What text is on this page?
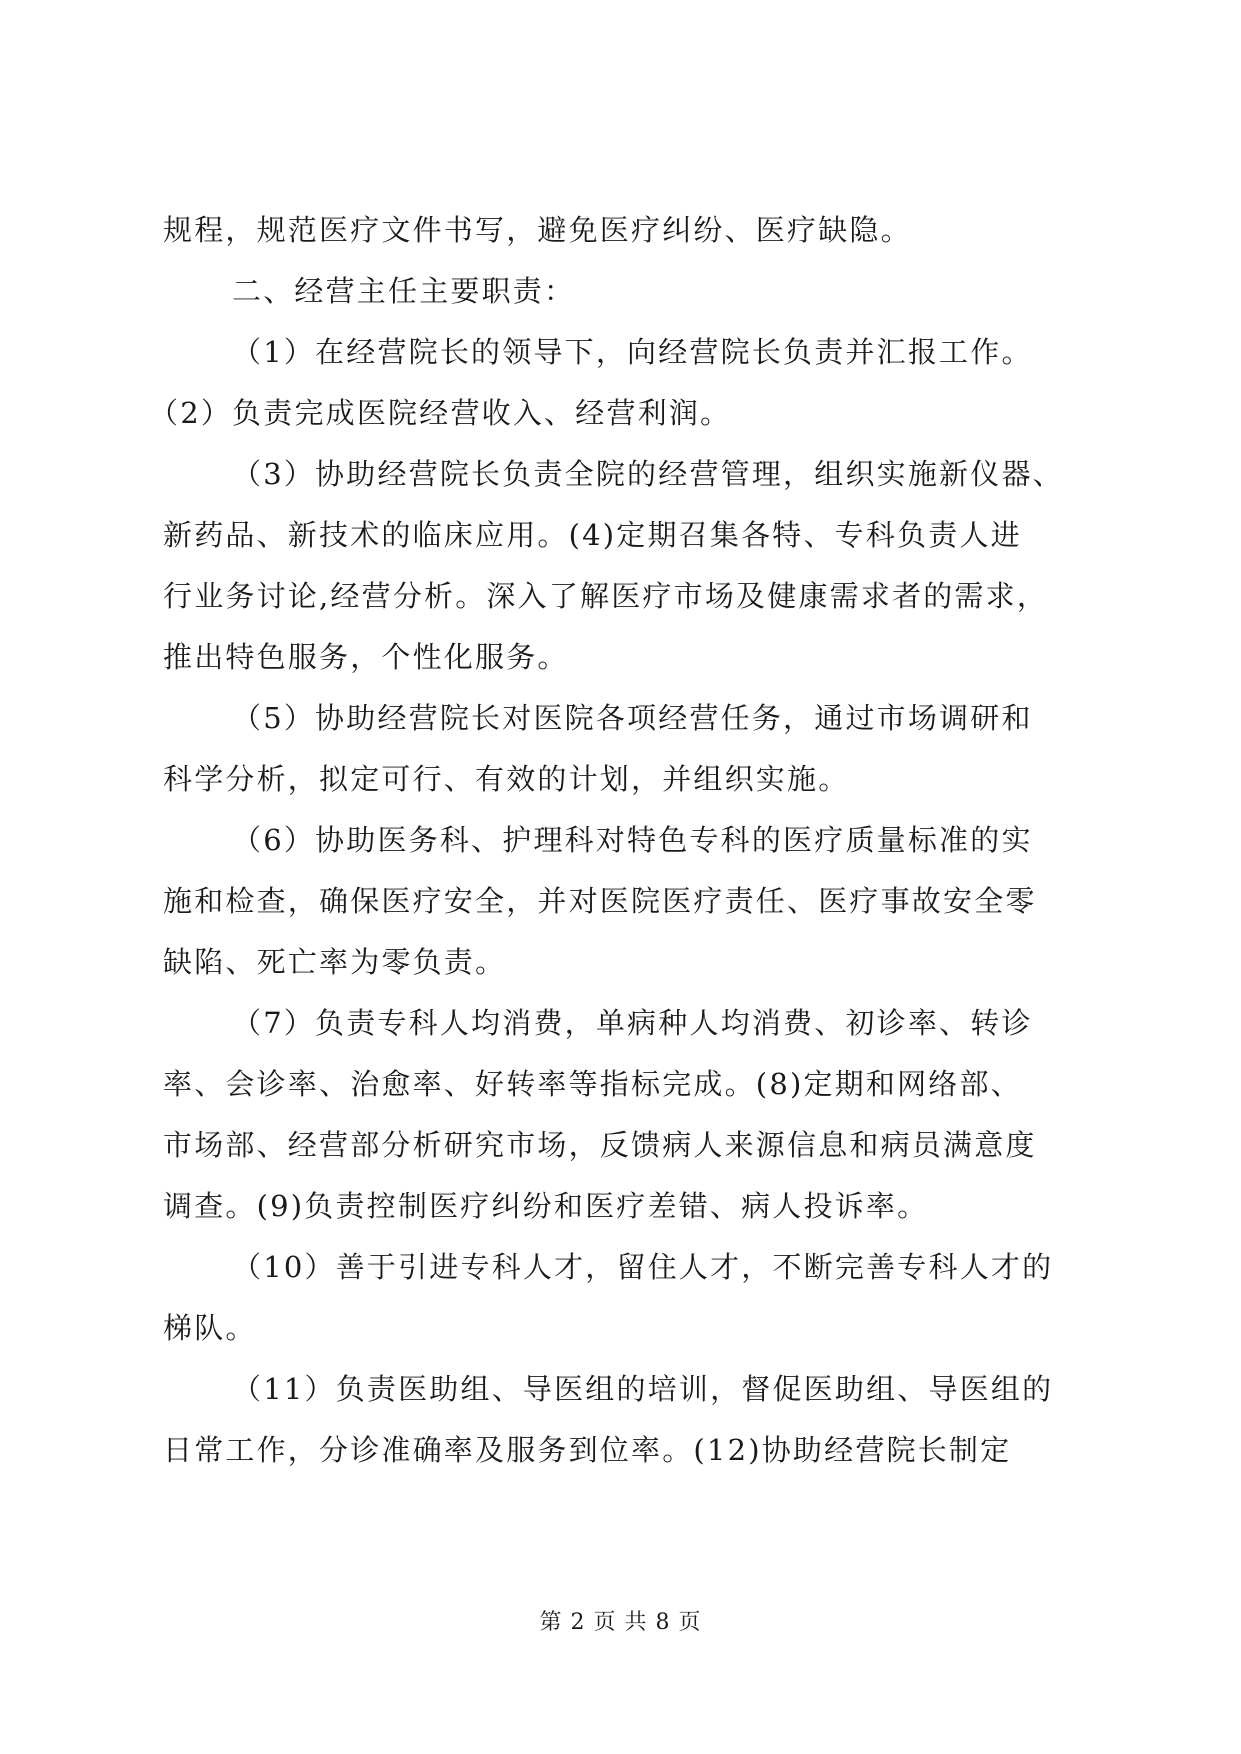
规程，规范医疗文件书写，避免医疗纠纷、医疗缺隐。
二、经营主任主要职责：
（1）在经营院长的领导下，向经营院长负责并汇报工作。
（2）负责完成医院经营收入、经营利润。
（3）协助经营院长负责全院的经营管理，组织实施新仪器、
新药品、新技术的临床应用。(4)定期召集各特、专科负责人进
行业务讨论,经营分析。深入了解医疗市场及健康需求者的需求，
推出特色服务，个性化服务。
（5）协助经营院长对医院各项经营任务，通过市场调研和
科学分析，拟定可行、有效的计划，并组织实施。
（6）协助医务科、护理科对特色专科的医疗质量标准的实
施和检查，确保医疗安全，并对医院医疗责任、医疗事故安全零
缺陷、死亡率为零负责。
（7）负责专科人均消费，单病种人均消费、初诊率、转诊
率、会诊率、治愈率、好转率等指标完成。(8)定期和网络部、
市场部、经营部分析研究市场，反馈病人来源信息和病员满意度
调查。(9)负责控制医疗纠纷和医疗差错、病人投诉率。
（10）善于引进专科人才，留住人才，不断完善专科人才的
梯队。
（11）负责医助组、导医组的培训，督促医助组、导医组的
日常工作，分诊准确率及服务到位率。(12)协助经营院长制定
第 2 页 共 8 页
